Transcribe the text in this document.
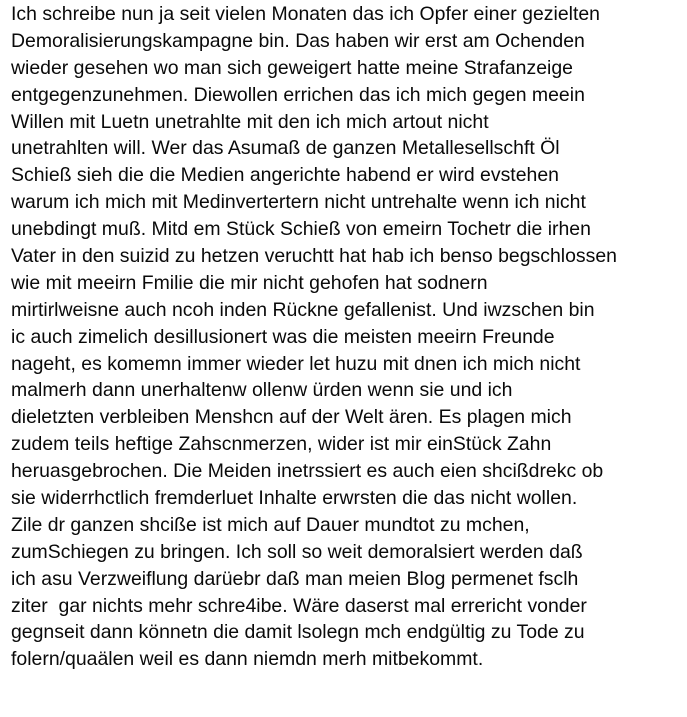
Ich schreibe nun ja seit vielen Monaten das ich Opfer einer gezielten
Demoralisierungskampagne bin. Das haben wir erst am Ochenden
wieder gesehen wo man sich geweigert hatte meine Strafanzeige
entgegenzunehmen. Diewollen errichen das ich mich gegen meein
Willen mit Luetn unetrahlte mit den ich mich artout nicht
unetrahlten will. Wer das Asumaß de ganzen Metallesellschft Öl
Schieß sieh die die Medien angerichte habend er wird evstehen
warum ich mich mit Medinvertertern nicht untrehalte wenn ich nicht
unebdingt muß. Mitd em Stück Schieß von emeirn Tochetr die irhen
Vater in den suizid zu hetzen veruchtt hat hab ich benso begschlossen
wie mit meeirn Fmilie die mir nicht gehofen hat sodnern
mirtirlweisne auch ncoh inden Rückne gefallenist. Und iwzschen bin
ic auch zimelich desillusionert was die meisten meeirn Freunde
nageht, es komemn immer wieder let huzu mit dnen ich mich nicht
malmerh dann unerhaltenw ollenw ürden wenn sie und ich
dieletzten verbleiben Menshcn auf der Welt ären. Es plagen mich
zudem teils heftige Zahscnmerzen, wider ist mir einStück Zahn
heruasgebrochen. Die Meiden inetrssiert es auch eien shcißdrekc ob
sie widerrhctlich fremderluet Inhalte erwrsten die das nicht wollen.
Zile dr ganzen shciße ist mich auf Dauer mundtot zu mchen,
zumSchiegen zu bringen. Ich soll so weit demoralsiert werden daß
ich asu Verzweiflung darüebr daß man meien Blog permenet fsclh
ziter  gar nichts mehr schre4ibe. Wäre daserst mal errericht vonder
gegnseit dann könnetn die damit lsolegn mch endgültig zu Tode zu
folern/quaälen weil es dann niemdn merh mitbekommt.
